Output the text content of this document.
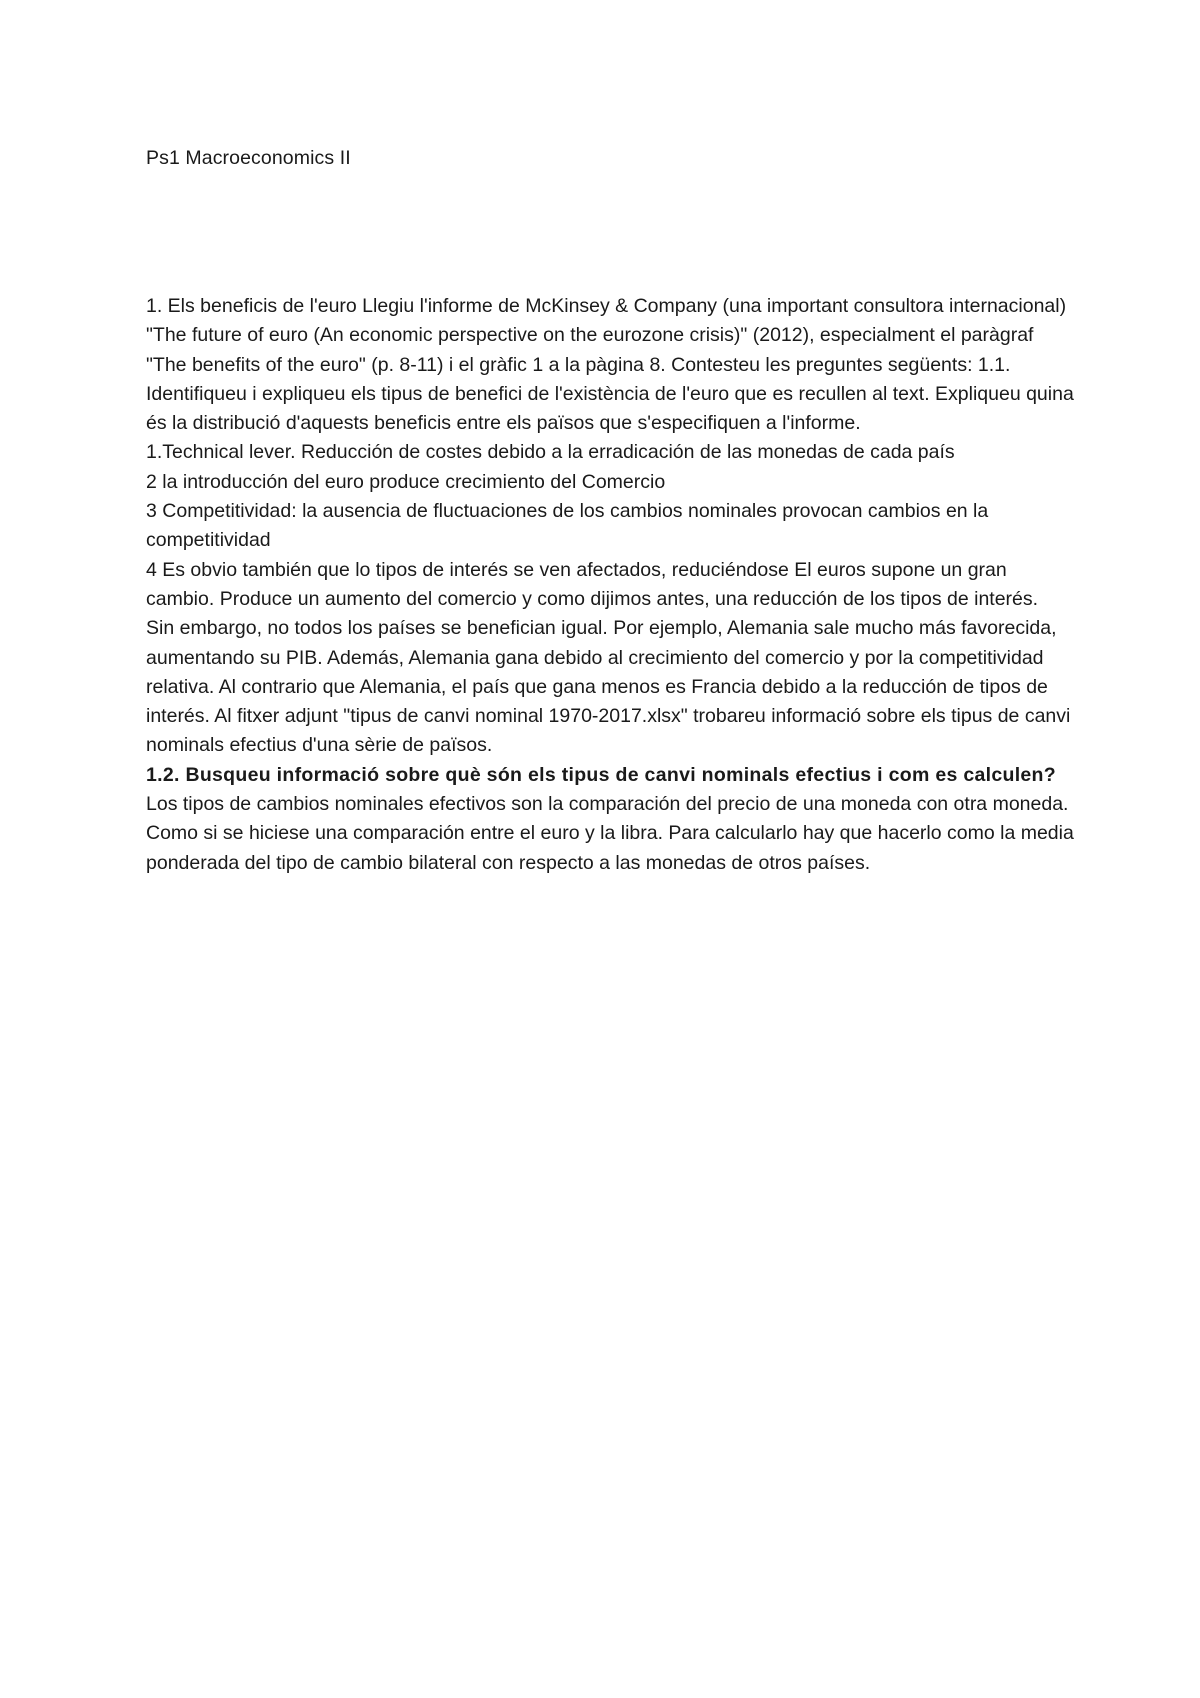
Ps1 Macroeconomics II

1. Els beneficis de l'euro Llegiu l'informe de McKinsey & Company (una important consultora internacional) "The future of euro (An economic perspective on the eurozone crisis)" (2012), especialment el paràgraf "The benefits of the euro" (p. 8-11) i el gràfic 1 a la pàgina 8. Contesteu les preguntes següents: 1.1. Identifiqueu i expliqueu els tipus de benefici de l'existència de l'euro que es recullen al text. Expliqueu quina és la distribució d'aquests beneficis entre els països que s'especifiquen a l'informe.

1.Technical lever. Reducción de costes debido a la erradicación de las monedas de cada país

2 la introducción del euro produce crecimiento del Comercio

3 Competitividad: la ausencia de fluctuaciones de los cambios nominales provocan cambios en la competitividad

4 Es obvio también que lo tipos de interés se ven afectados, reduciéndose El euros supone un gran cambio. Produce un aumento del comercio y como dijimos antes, una reducción de los tipos de interés.

Sin embargo, no todos los países se benefician igual. Por ejemplo, Alemania sale mucho más favorecida, aumentando su PIB. Además, Alemania gana debido al crecimiento del comercio y por la competitividad relativa. Al contrario que Alemania, el país que gana menos es Francia debido a la reducción de tipos de interés. Al fitxer adjunt "tipus de canvi nominal 1970-2017.xlsx" trobareu informació sobre els tipus de canvi nominals efectius d'una sèrie de països.

1.2. Busqueu informació sobre què són els tipus de canvi nominals efectius i com es calculen?

Los tipos de cambios nominales efectivos son la comparación del precio de una moneda con otra moneda. Como si se hiciese una comparación entre el euro y la libra. Para calcularlo hay que hacerlo como la media ponderada del tipo de cambio bilateral con respecto a las monedas de otros países.
